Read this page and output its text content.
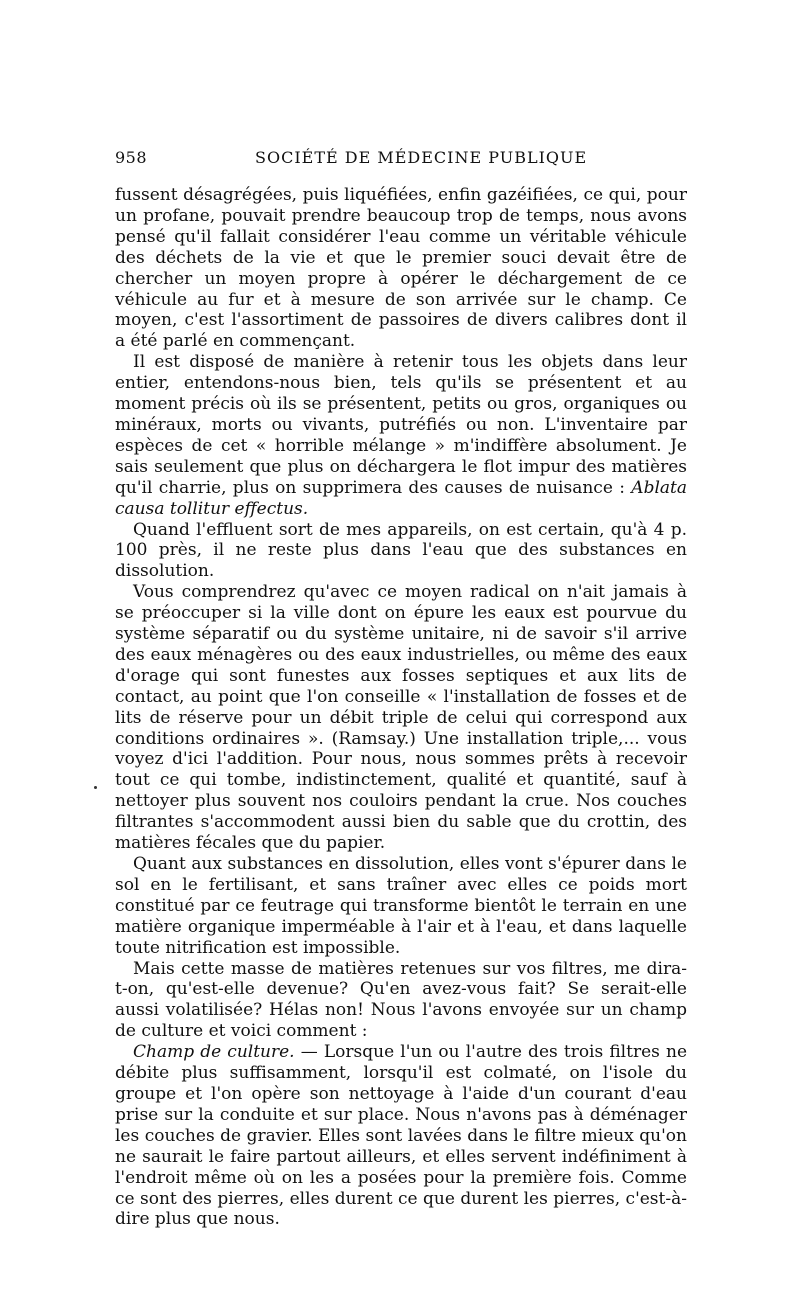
958	SOCIÉTÉ DE MÉDECINE PUBLIQUE

fussent désagrégées, puis liquéfiées, enfin gazéifiées, ce qui, pour un profane, pouvait prendre beaucoup trop de temps, nous avons pensé qu'il fallait considérer l'eau comme un véritable véhicule des déchets de la vie et que le premier souci devait être de chercher un moyen propre à opérer le déchargement de ce véhicule au fur et à mesure de son arrivée sur le champ. Ce moyen, c'est l'assortiment de passoires de divers calibres dont il a été parlé en commençant.

Il est disposé de manière à retenir tous les objets dans leur entier, entendons-nous bien, tels qu'ils se présentent et au moment précis où ils se présentent, petits ou gros, organiques ou minéraux, morts ou vivants, putréfiés ou non. L'inventaire par espèces de cet « horrible mélange » m'indiffère absolument. Je sais seulement que plus on déchargera le flot impur des matières qu'il charrie, plus on supprimera des causes de nuisance : Ablata causa tollitur effectus.

Quand l'effluent sort de mes appareils, on est certain, qu'à 4 p. 100 près, il ne reste plus dans l'eau que des substances en dissolution.

Vous comprendrez qu'avec ce moyen radical on n'ait jamais à se préoccuper si la ville dont on épure les eaux est pourvue du système séparatif ou du système unitaire, ni de savoir s'il arrive des eaux ménagères ou des eaux industrielles, ou même des eaux d'orage qui sont funestes aux fosses septiques et aux lits de contact, au point que l'on conseille « l'installation de fosses et de lits de réserve pour un débit triple de celui qui correspond aux conditions ordinaires ». (Ramsay.) Une installation triple,... vous voyez d'ici l'addition. Pour nous, nous sommes prêts à recevoir tout ce qui tombe, indistinctement, qualité et quantité, sauf à nettoyer plus souvent nos couloirs pendant la crue. Nos couches filtrantes s'accommodent aussi bien du sable que du crottin, des matières fécales que du papier.

Quant aux substances en dissolution, elles vont s'épurer dans le sol en le fertilisant, et sans traîner avec elles ce poids mort constitué par ce feutrage qui transforme bientôt le terrain en une matière organique imperméable à l'air et à l'eau, et dans laquelle toute nitrification est impossible.

Mais cette masse de matières retenues sur vos filtres, me dira-t-on, qu'est-elle devenue? Qu'en avez-vous fait? Se serait-elle aussi volatilisée? Hélas non! Nous l'avons envoyée sur un champ de culture et voici comment :

Champ de culture. — Lorsque l'un ou l'autre des trois filtres ne débite plus suffisamment, lorsqu'il est colmaté, on l'isole du groupe et l'on opère son nettoyage à l'aide d'un courant d'eau prise sur la conduite et sur place. Nous n'avons pas à déménager les couches de gravier. Elles sont lavées dans le filtre mieux qu'on ne saurait le faire partout ailleurs, et elles servent indéfiniment à l'endroit même où on les a posées pour la première fois. Comme ce sont des pierres, elles durent ce que durent les pierres, c'est-à-dire plus que nous.
